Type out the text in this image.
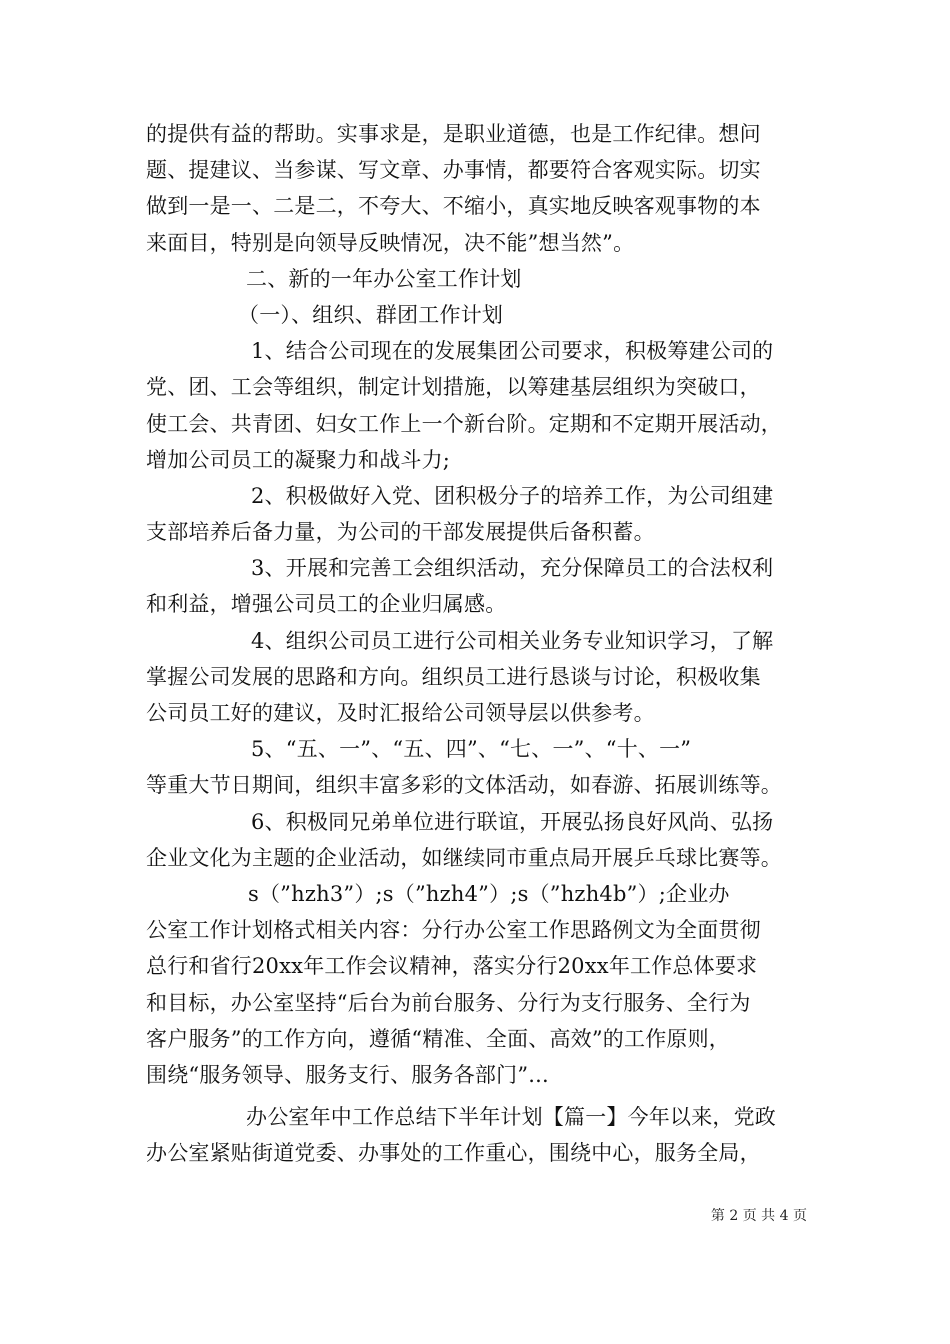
的提供有益的帮助。实事求是，是职业道德，也是工作纪律。想问
题、提建议、当参谋、写文章、办事情，都要符合客观实际。切实
做到一是一、二是二，不夸大、不缩小，真实地反映客观事物的本
来面目，特别是向领导反映情况，决不能”想当然”。
二、新的一年办公室工作计划
（一）、组织、群团工作计划
1、结合公司现在的发展集团公司要求，积极筹建公司的
党、团、工会等组织，制定计划措施，以筹建基层组织为突破口，
使工会、共青团、妇女工作上一个新台阶。定期和不定期开展活动，
增加公司员工的凝聚力和战斗力;
2、积极做好入党、团积极分子的培养工作，为公司组建
支部培养后备力量，为公司的干部发展提供后备积蓄。
3、开展和完善工会组织活动，充分保障员工的合法权利
和利益，增强公司员工的企业归属感。
4、组织公司员工进行公司相关业务专业知识学习，了解
掌握公司发展的思路和方向。组织员工进行恳谈与讨论，积极收集
公司员工好的建议，及时汇报给公司领导层以供参考。
5、“五、一”、“五、四”、“七、一”、“十、一”
等重大节日期间，组织丰富多彩的文体活动，如春游、拓展训练等。
6、积极同兄弟单位进行联谊，开展弘扬良好风尚、弘扬
企业文化为主题的企业活动，如继续同市重点局开展乒乓球比赛等。
s（”hzh3”）;s（”hzh4”）;s（”hzh4b”）;企业办
公室工作计划格式相关内容：分行办公室工作思路例文为全面贯彻
总行和省行20xx年工作会议精神，落实分行20xx年工作总体要求
和目标，办公室坚持“后台为前台服务、分行为支行服务、全行为
客户服务”的工作方向，遵循“精准、全面、高效”的工作原则，
围绕“服务领导、服务支行、服务各部门”...
办公室年中工作总结下半年计划【篇一】今年以来，党政
办公室紧贴街道党委、办事处的工作重心，围绕中心，服务全局，
第 2 页 共 4 页
